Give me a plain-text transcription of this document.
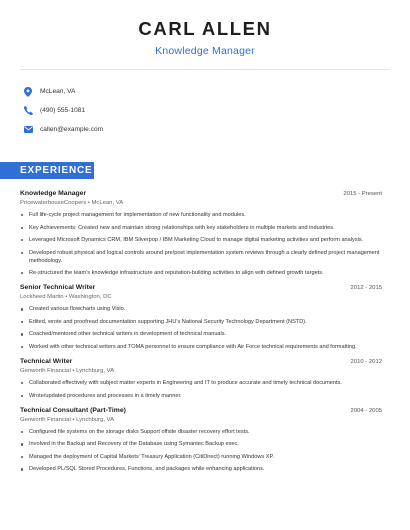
CARL ALLEN
Knowledge Manager
McLean, VA
(490) 555-1081
callen@example.com
EXPERIENCE
Knowledge Manager	2015 - Present
PricewaterhouseCoopers • McLean, VA
Full life-cycle project management for implementation of new functionality and modules.
Key Achievements: Created new and maintain strong relationships with key stakeholders in multiple markets and industries.
Leveraged Microsoft Dynamics CRM, IBM Silverpop / IBM Marketing Cloud to manage digital marketing activities and perform analysis.
Developed robust physical and logical controls around pre/post implementation system reviews through a clearly defined project management methodology.
Re-structured the team's knowledge infrastructure and reputation-building activities to align with defined growth targets.
Senior Technical Writer	2012 - 2015
Lockheed Martin • Washington, DC
Created various flowcharts using Visio.
Edited, wrote and proofread documentation supporting JHU's National Security Technology Department (NSTD).
Coached/mentored other technical writers in development of technical manuals.
Worked with other technical writers and TOMA personnel to ensure compliance with Air Force technical requirements and formatting.
Technical Writer	2010 - 2012
Genworth Financial • Lynchburg, VA
Collaborated effectively with subject matter experts in Engineering and IT to produce accurate and timely technical documents.
Wrote/updated procedures and processes in a timely manner.
Technical Consultant (Part-Time)	2004 - 2005
Genworth Financial • Lynchburg, VA
Configured file systems on the storage disks Support offsite disaster recovery effort tests.
Involved in the Backup and Recovery of the Database using Symantec Backup exec.
Managed the deployment of Capital Markets' Treasury Application (CitiDirect) running Windows XP.
Developed PL/SQL Stored Procedures, Functions, and packages while enhancing applications.
